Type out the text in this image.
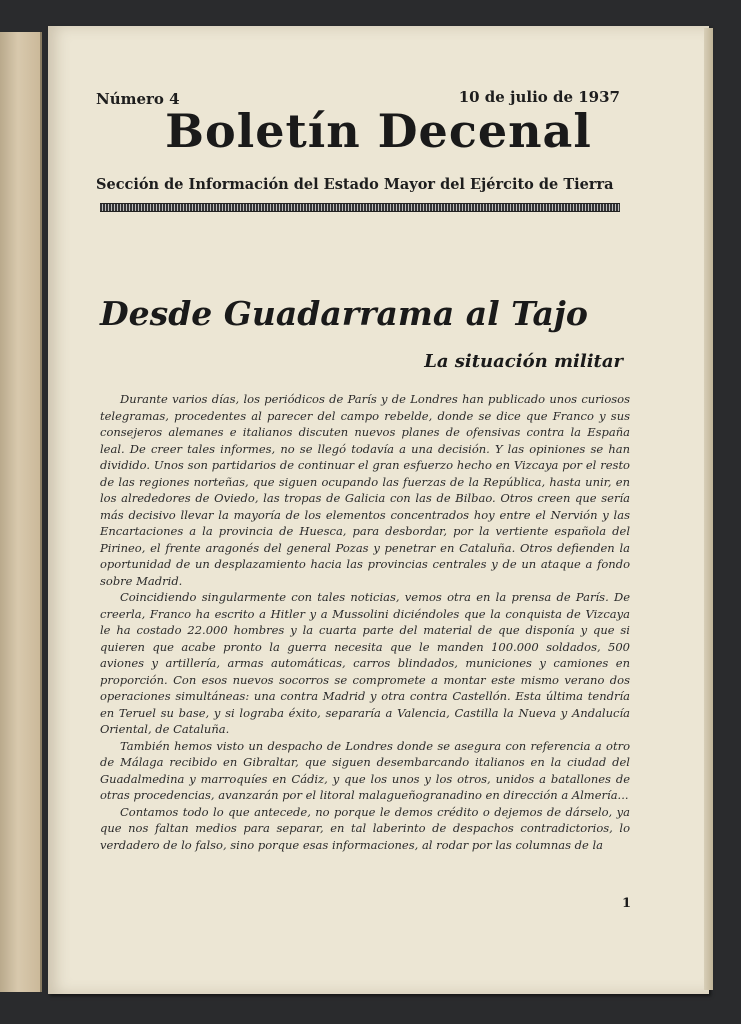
Número 4	10 de julio de 1937
Boletín Decenal
Sección de Información del Estado Mayor del Ejército de Tierra
Desde Guadarrama al Tajo
La situación militar

Durante varios días, los periódicos de París y de Londres han publicado unos curiosos telegramas, procedentes al parecer del campo rebelde, donde se dice que Franco y sus consejeros alemanes e italianos discuten nuevos planes de ofensivas contra la España leal. De creer tales informes, no se llegó todavía a una decisión. Y las opiniones se han dividido. Unos son partidarios de continuar el gran esfuerzo hecho en Vizcaya por el resto de las regiones norteñas, que siguen ocupando las fuerzas de la República, hasta unir, en los alrededores de Oviedo, las tropas de Galicia con las de Bilbao. Otros creen que sería más decisivo llevar la mayoría de los elementos concentrados hoy entre el Nervión y las Encartaciones a la provincia de Huesca, para desbordar, por la vertiente española del Pirineo, el frente aragonés del general Pozas y penetrar en Cataluña. Otros defienden la oportunidad de un desplazamiento hacia las provincias centrales y de un ataque a fondo sobre Madrid.

Coincidiendo singularmente con tales noticias, vemos otra en la prensa de París. De creerla, Franco ha escrito a Hitler y a Mussolini diciéndoles que la conquista de Vizcaya le ha costado 22.000 hombres y la cuarta parte del material de que disponía y que si quieren que acabe pronto la guerra necesita que le manden 100.000 soldados, 500 aviones y artillería, armas automáticas, carros blindados, municiones y camiones en proporción. Con esos nuevos socorros se compromete a montar este mismo verano dos operaciones simultáneas: una contra Madrid y otra contra Castellón. Esta última tendría en Teruel su base, y si lograba éxito, separaría a Valencia, Castilla la Nueva y Andalucía Oriental, de Cataluña.

También hemos visto un despacho de Londres donde se asegura con referencia a otro de Málaga recibido en Gibraltar, que siguen desembarcando italianos en la ciudad del Guadalmedina y marroquíes en Cádiz, y que los unos y los otros, unidos a batallones de otras procedencias, avanzarán por el litoral malagueñogranadino en dirección a Almería...

Contamos todo lo que antecede, no porque le demos crédito o dejemos de dárselo, ya que nos faltan medios para separar, en tal laberinto de despachos contradictorios, lo verdadero de lo falso, sino porque esas informaciones, al rodar por las columnas de la

1
